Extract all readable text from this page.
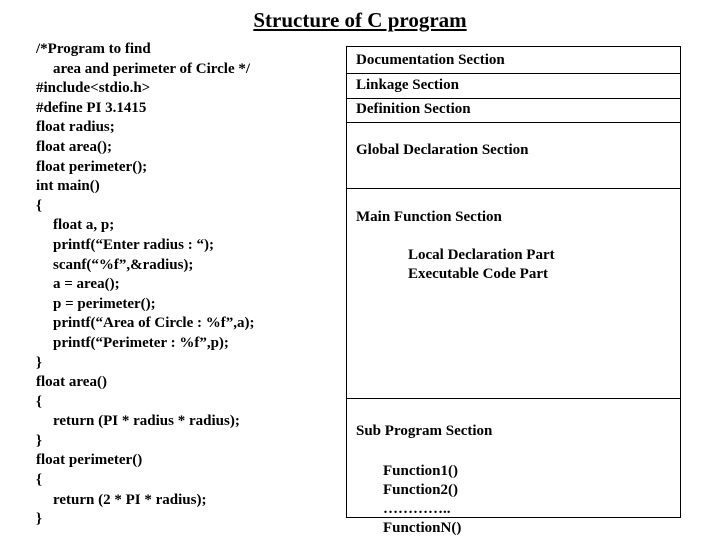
Structure of C program
/*Program to find
area and perimeter of Circle */
#include<stdio.h>
#define PI 3.1415
float radius;
float area();
float perimeter();
int main()
{
float a, p;
printf(“Enter radius : “);
scanf(“%f”,&radius);
a = area();
p = perimeter();
printf(“Area of Circle : %f”,a);
printf(“Perimeter : %f”,p);
}
float area()
{
return (PI * radius * radius);
}
float perimeter()
{
return (2 * PI * radius);
}
Documentation Section
Linkage Section
Definition Section
Global Declaration Section
Main Function Section
Local Declaration Part
Executable Code Part
Sub Program Section
Function1()
Function2()
…………..
FunctionN()
